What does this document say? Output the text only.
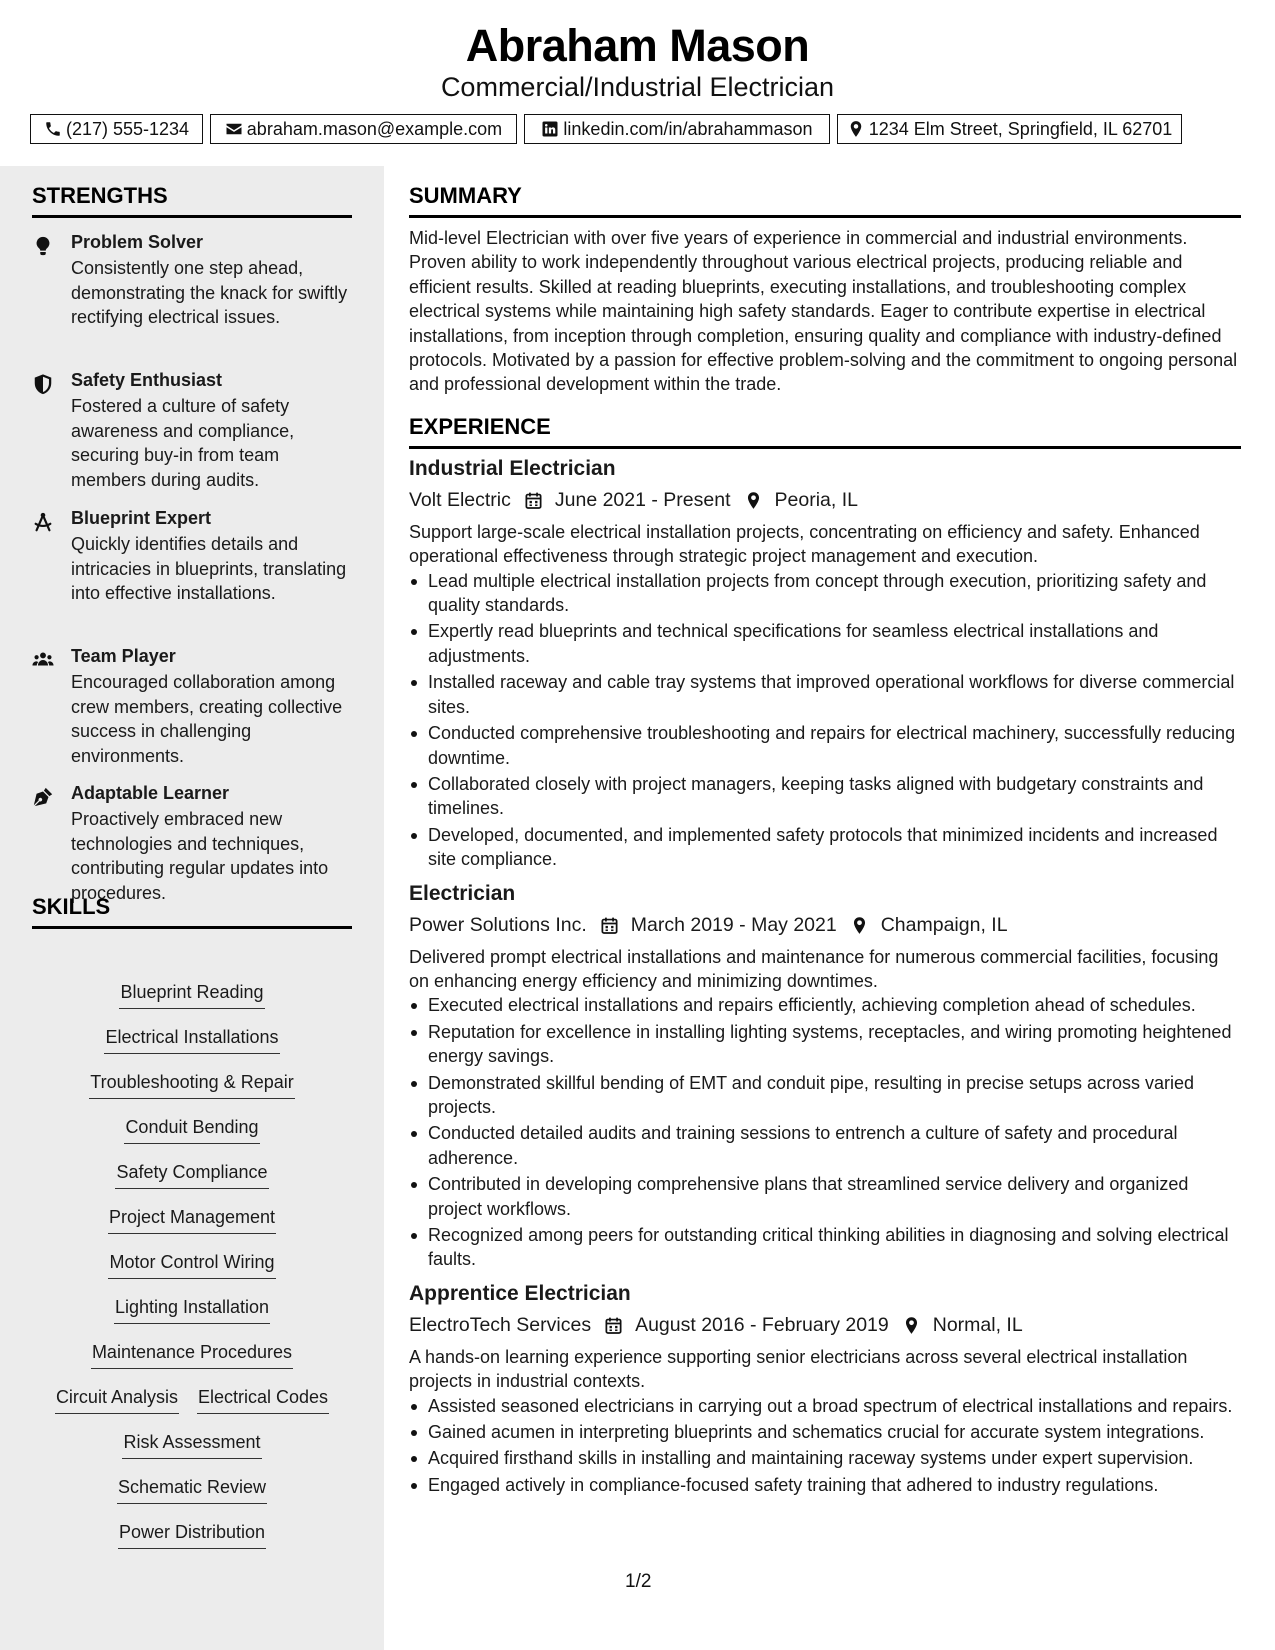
Abraham Mason
Commercial/Industrial Electrician
(217) 555-1234	abraham.mason@example.com	linkedin.com/in/abrahammason	1234 Elm Street, Springfield, IL 62701
STRENGTHS
Problem Solver
Consistently one step ahead, demonstrating the knack for swiftly rectifying electrical issues.
Safety Enthusiast
Fostered a culture of safety awareness and compliance, securing buy-in from team members during audits.
Blueprint Expert
Quickly identifies details and intricacies in blueprints, translating into effective installations.
Team Player
Encouraged collaboration among crew members, creating collective success in challenging environments.
Adaptable Learner
Proactively embraced new technologies and techniques, contributing regular updates into procedures.
SKILLS
Blueprint Reading
Electrical Installations
Troubleshooting & Repair
Conduit Bending
Safety Compliance
Project Management
Motor Control Wiring
Lighting Installation
Maintenance Procedures
Circuit Analysis Electrical Codes
Risk Assessment
Schematic Review
Power Distribution
SUMMARY
Mid-level Electrician with over five years of experience in commercial and industrial environments. Proven ability to work independently throughout various electrical projects, producing reliable and efficient results. Skilled at reading blueprints, executing installations, and troubleshooting complex electrical systems while maintaining high safety standards. Eager to contribute expertise in electrical installations, from inception through completion, ensuring quality and compliance with industry-defined protocols. Motivated by a passion for effective problem-solving and the commitment to ongoing personal and professional development within the trade.
EXPERIENCE
Industrial Electrician
Volt Electric June 2021 - Present Peoria, IL
Support large-scale electrical installation projects, concentrating on efficiency and safety. Enhanced operational effectiveness through strategic project management and execution.
Lead multiple electrical installation projects from concept through execution, prioritizing safety and quality standards.
Expertly read blueprints and technical specifications for seamless electrical installations and adjustments.
Installed raceway and cable tray systems that improved operational workflows for diverse commercial sites.
Conducted comprehensive troubleshooting and repairs for electrical machinery, successfully reducing downtime.
Collaborated closely with project managers, keeping tasks aligned with budgetary constraints and timelines.
Developed, documented, and implemented safety protocols that minimized incidents and increased site compliance.
Electrician
Power Solutions Inc. March 2019 - May 2021 Champaign, IL
Delivered prompt electrical installations and maintenance for numerous commercial facilities, focusing on enhancing energy efficiency and minimizing downtimes.
Executed electrical installations and repairs efficiently, achieving completion ahead of schedules.
Reputation for excellence in installing lighting systems, receptacles, and wiring promoting heightened energy savings.
Demonstrated skillful bending of EMT and conduit pipe, resulting in precise setups across varied projects.
Conducted detailed audits and training sessions to entrench a culture of safety and procedural adherence.
Contributed in developing comprehensive plans that streamlined service delivery and organized project workflows.
Recognized among peers for outstanding critical thinking abilities in diagnosing and solving electrical faults.
Apprentice Electrician
ElectroTech Services August 2016 - February 2019 Normal, IL
A hands-on learning experience supporting senior electricians across several electrical installation projects in industrial contexts.
Assisted seasoned electricians in carrying out a broad spectrum of electrical installations and repairs.
Gained acumen in interpreting blueprints and schematics crucial for accurate system integrations.
Acquired firsthand skills in installing and maintaining raceway systems under expert supervision.
Engaged actively in compliance-focused safety training that adhered to industry regulations.
1/2
